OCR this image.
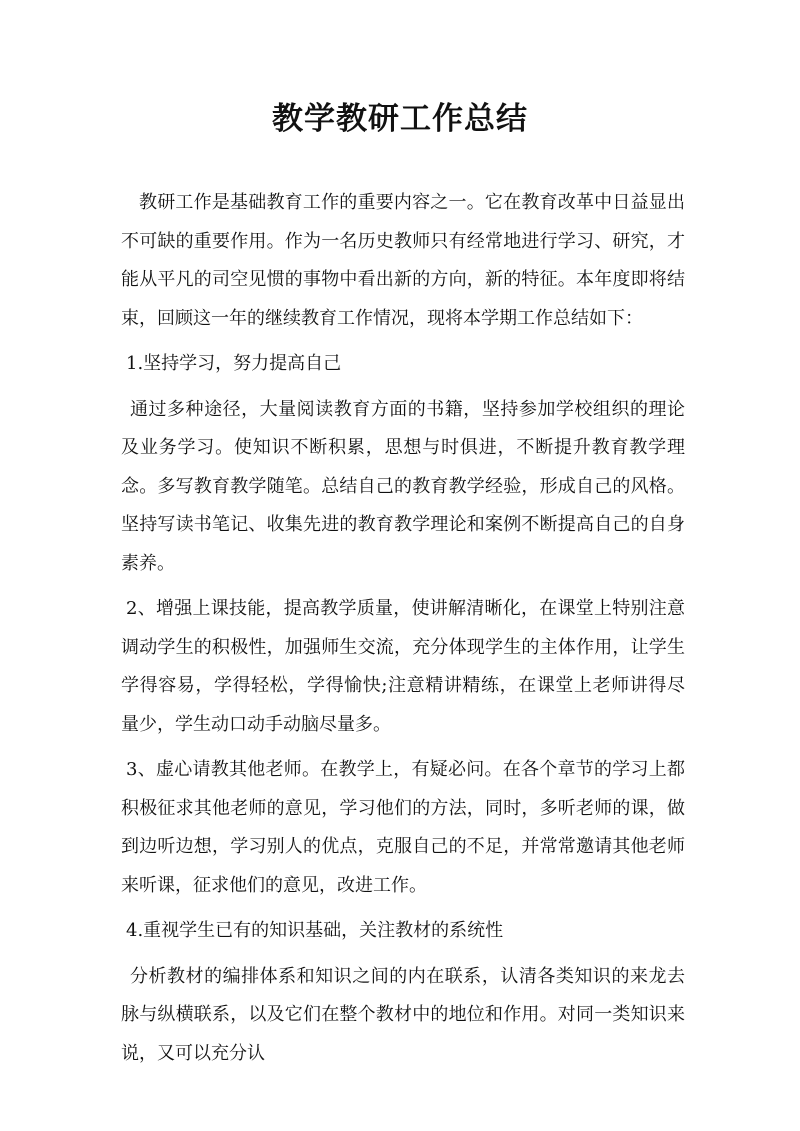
教学教研工作总结

教研工作是基础教育工作的重要内容之一。它在教育改革中日益显出不可缺的重要作用。作为一名历史教师只有经常地进行学习、研究，才能从平凡的司空见惯的事物中看出新的方向，新的特征。本年度即将结束，回顾这一年的继续教育工作情况，现将本学期工作总结如下：

1.坚持学习，努力提高自己

通过多种途径，大量阅读教育方面的书籍，坚持参加学校组织的理论及业务学习。使知识不断积累，思想与时俱进，不断提升教育教学理念。多写教育教学随笔。总结自己的教育教学经验，形成自己的风格。坚持写读书笔记、收集先进的教育教学理论和案例不断提高自己的自身素养。

2、增强上课技能，提高教学质量，使讲解清晰化，在课堂上特别注意调动学生的积极性，加强师生交流，充分体现学生的主体作用，让学生学得容易，学得轻松，学得愉快;注意精讲精练，在课堂上老师讲得尽量少，学生动口动手动脑尽量多。

3、虚心请教其他老师。在教学上，有疑必问。在各个章节的学习上都积极征求其他老师的意见，学习他们的方法，同时，多听老师的课，做到边听边想，学习别人的优点，克服自己的不足，并常常邀请其他老师来听课，征求他们的意见，改进工作。

4.重视学生已有的知识基础，关注教材的系统性

分析教材的编排体系和知识之间的内在联系，认清各类知识的来龙去脉与纵横联系，以及它们在整个教材中的地位和作用。对同一类知识来说，又可以充分认
